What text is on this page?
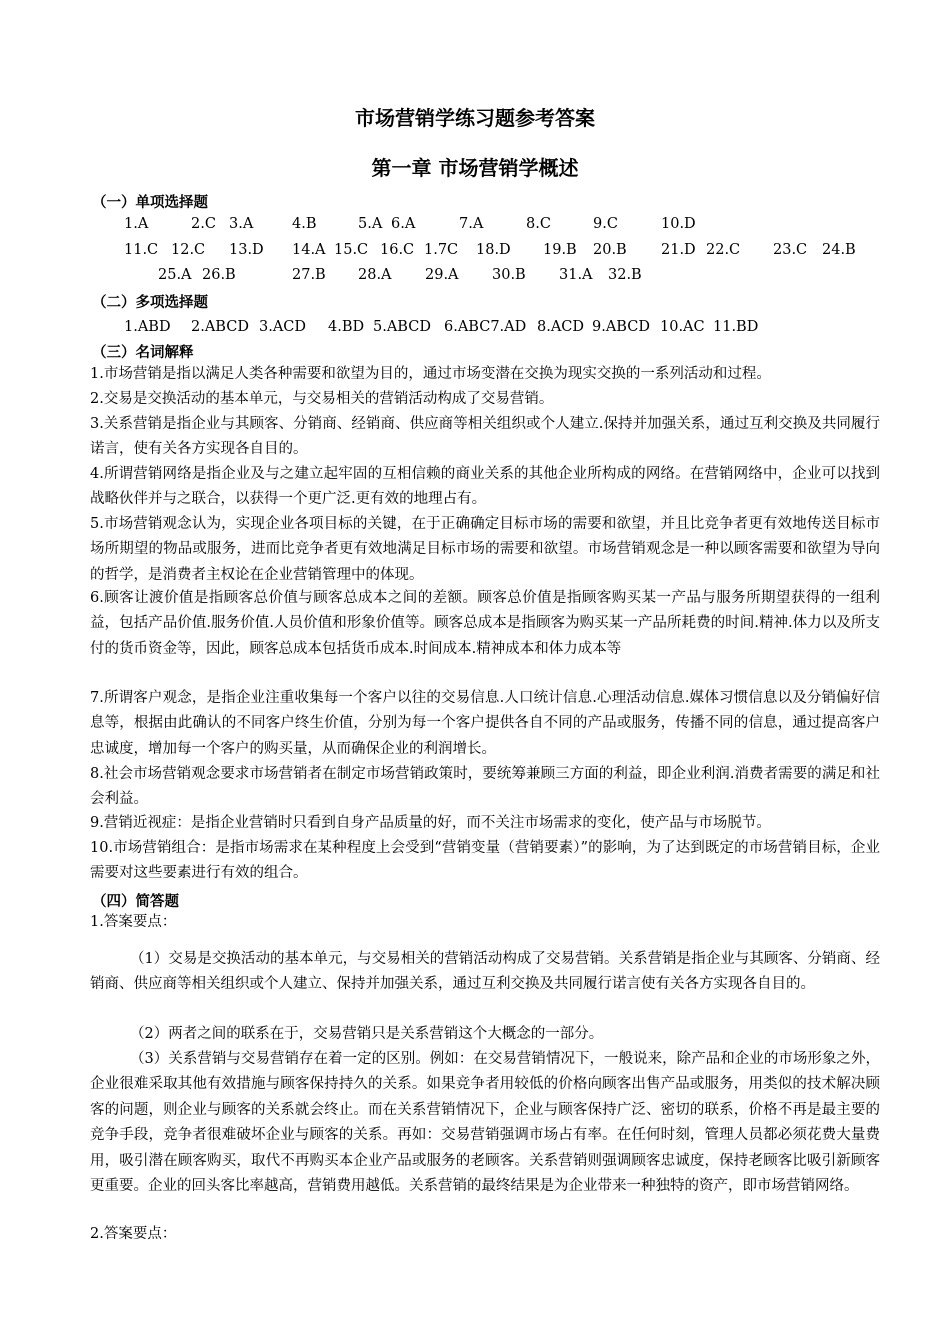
市场营销学练习题参考答案
第一章 市场营销学概述
（一）单项选择题
1.A	2.C 3.A	4.B	5.A 6.A	7.A	8.C	9.C	10.D
11.C 12.C 13.D 14.A 15.C 16.C 1.7C 18.D 19.B 20.B 21.D 22.C 23.C 24.B
25.A 26.B	27.B 28.A 29.A 30.B 31.A 32.B
（二）多项选择题
1.ABD 2.ABCD 3.ACD 4.BD 5.ABCD 6.ABC7.AD 8.ACD 9.ABCD 10.AC 11.BD
（三）名词解释
1.市场营销是指以满足人类各种需要和欲望为目的，通过市场变潜在交换为现实交换的一系列活动和过程。
2.交易是交换活动的基本单元，与交易相关的营销活动构成了交易营销。
3.关系营销是指企业与其顾客、分销商、经销商、供应商等相关组织或个人建立.保持并加强关系，通过互利交换及共同履行诺言，使有关各方实现各自目的。
4.所谓营销网络是指企业及与之建立起牢固的互相信赖的商业关系的其他企业所构成的网络。在营销网络中，企业可以找到战略伙伴并与之联合，以获得一个更广泛.更有效的地理占有。
5.市场营销观念认为，实现企业各项目标的关键，在于正确确定目标市场的需要和欲望，并且比竞争者更有效地传送目标市场所期望的物品或服务，进而比竞争者更有效地满足目标市场的需要和欲望。市场营销观念是一种以顾客需要和欲望为导向的哲学，是消费者主权论在企业营销管理中的体现。
6.顾客让渡价值是指顾客总价值与顾客总成本之间的差额。顾客总价值是指顾客购买某一产品与服务所期望获得的一组利益，包括产品价值.服务价值.人员价值和形象价值等。顾客总成本是指顾客为购买某一产品所耗费的时间.精神.体力以及所支付的货币资金等，因此，顾客总成本包括货币成本.时间成本.精神成本和体力成本等
7.所谓客户观念，是指企业注重收集每一个客户以往的交易信息.人口统计信息.心理活动信息.媒体习惯信息以及分销偏好信息等，根据由此确认的不同客户终生价值，分别为每一个客户提供各自不同的产品或服务，传播不同的信息，通过提高客户忠诚度，增加每一个客户的购买量，从而确保企业的利润增长。
8.社会市场营销观念要求市场营销者在制定市场营销政策时，要统筹兼顾三方面的利益，即企业利润.消费者需要的满足和社会利益。
9.营销近视症：是指企业营销时只看到自身产品质量的好，而不关注市场需求的变化，使产品与市场脱节。
10.市场营销组合：是指市场需求在某种程度上会受到“营销变量（营销要素）”的影响，为了达到既定的市场营销目标，企业需要对这些要素进行有效的组合。
（四）简答题
1.答案要点：
（1）交易是交换活动的基本单元，与交易相关的营销活动构成了交易营销。关系营销是指企业与其顾客、分销商、经销商、供应商等相关组织或个人建立、保持并加强关系，通过互利交换及共同履行诺言使有关各方实现各自目的。
（2）两者之间的联系在于，交易营销只是关系营销这个大概念的一部分。
（3）关系营销与交易营销存在着一定的区别。例如：在交易营销情况下，一般说来，除产品和企业的市场形象之外，企业很难采取其他有效措施与顾客保持持久的关系。如果竞争者用较低的价格向顾客出售产品或服务，用类似的技术解决顾客的问题，则企业与顾客的关系就会终止。而在关系营销情况下，企业与顾客保持广泛、密切的联系，价格不再是最主要的竞争手段，竞争者很难破坏企业与顾客的关系。再如：交易营销强调市场占有率。在任何时刻，管理人员都必须花费大量费用，吸引潜在顾客购买，取代不再购买本企业产品或服务的老顾客。关系营销则强调顾客忠诚度，保持老顾客比吸引新顾客更重要。企业的回头客比率越高，营销费用越低。关系营销的最终结果是为企业带来一种独特的资产，即市场营销网络。
2.答案要点：
